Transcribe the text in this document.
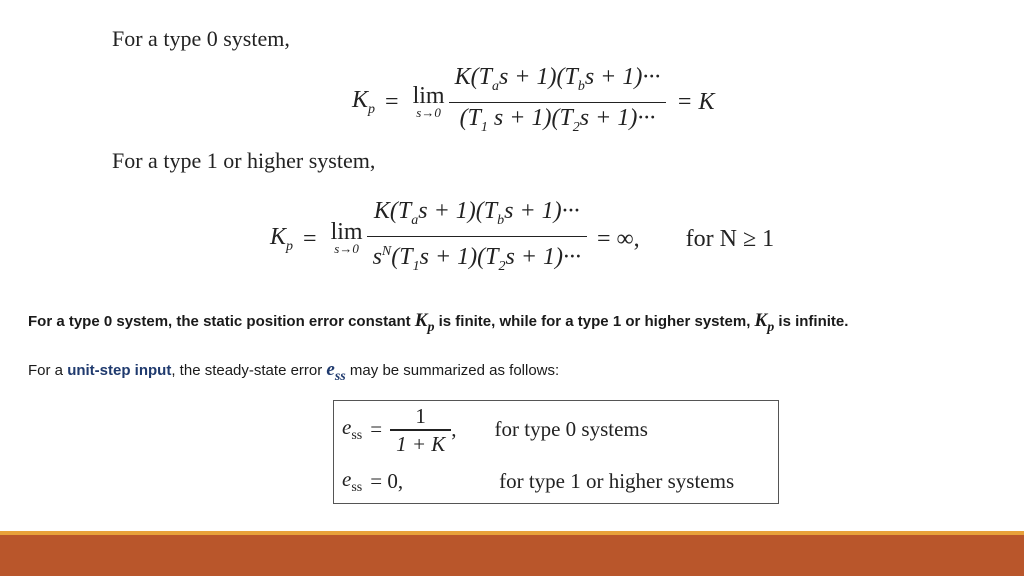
For a type 0 system,
$K_p = \lim$
$s\to 0 \frac{K(T_as + 1)(T_bs + 1)\cdot\cdot\cdot}{(T_1 s + 1)(T_2s + 1)\cdot\cdot\cdot} = K$
For a type 1 or higher system,
$K_p = \lim$
$s\to 0 \frac{K(T_as + 1)(T_bs + 1)\cdot\cdot\cdot}{s^N(T_1s + 1)(T_2s + 1)\cdot\cdot\cdot}$ = ∞, for N ≥ 1
For a type 0 system, the static position error constant $K_p$ is finite, while for a type 1 or higher system, $K_p$ is infinite.
For a unit-step input, the steady-state error $e_{ss}$ may be summarized as follows:
$e_{ss} = \frac{1}{1 + K}$ , for type 0 systems
$e_{ss} = 0$,	for type 1 or higher systems
